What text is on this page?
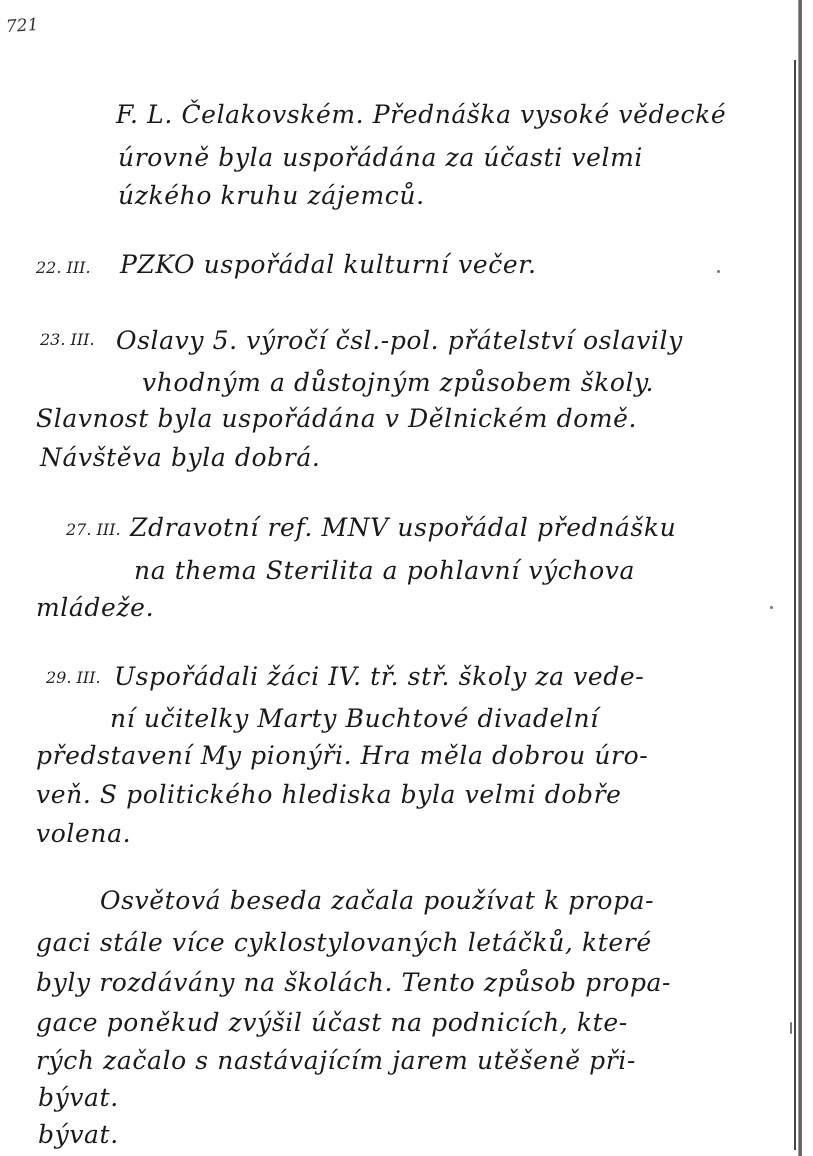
721
F. L. Čelakovském. Přednáška vysoké vědecké
úrovně byla uspořádána za účasti velmi
úzkého kruhu zájemců.
22. III. PZKO uspořádal kulturní večer.
23. III. Oslavy 5. výročí čsl.-pol. přátelství oslavily
vhodným a důstojným způsobem školy.
Slavnost byla uspořádána v Dělnickém domě.
Návštěva byla dobrá.
27. III. Zdravotní ref. MNV uspořádal přednášku
na thema Sterilita a pohlavní výchova
mládeže.
29. III. Uspořádali žáci IV. tř. stř. školy za vede-
ní učitelky Marty Buchtové divadelní
představení My pionýři. Hra měla dobrou úro-
veň. S politického hlediska byla velmi dobře
volena.
Osvětová beseda začala používat k propa-
gaci stále více cyklostylovaných letáčků, které
byly rozdávány na školách. Tento způsob propa-
gace poněkud zvýšil účast na podnicích, kte-
rých začalo s nastávajícím jarem utěšeně při-
bývat.
bývat.
